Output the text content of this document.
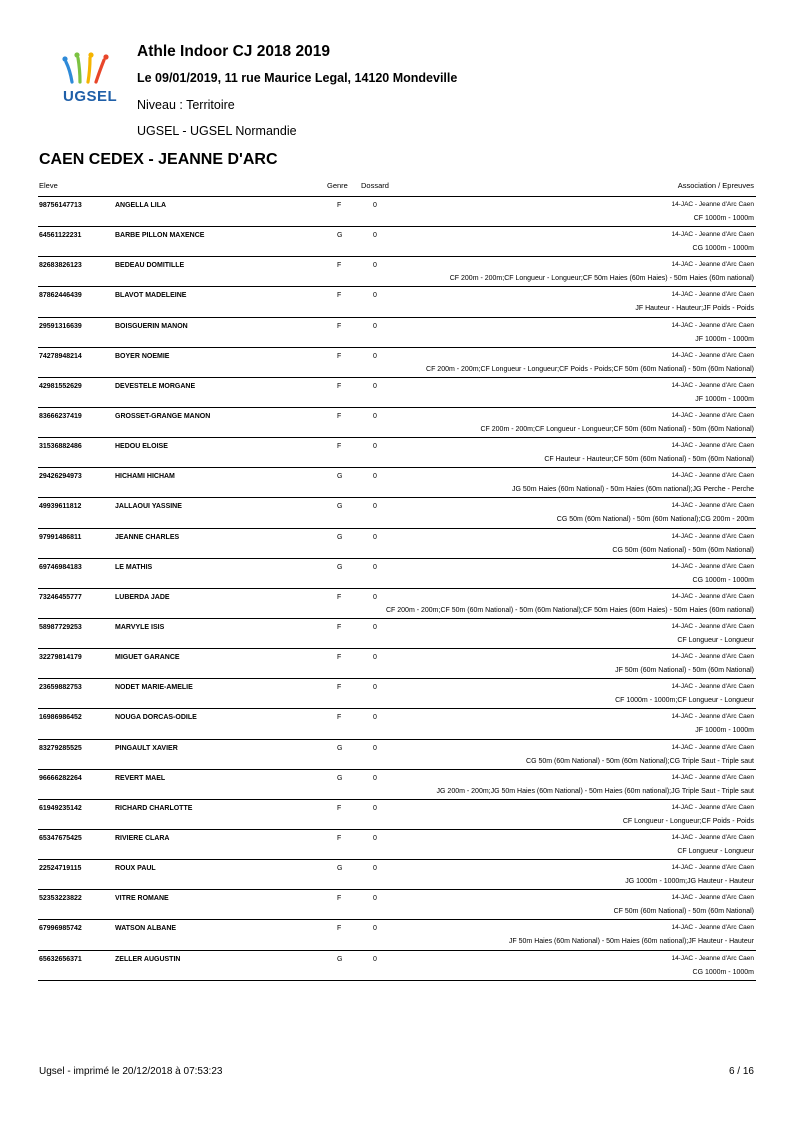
UGSEL
Athle Indoor CJ 2018 2019
Le 09/01/2019, 11 rue Maurice Legal, 14120 Mondeville
Niveau : Territoire
UGSEL - UGSEL Normandie
CAEN CEDEX - JEANNE D'ARC
Eleve	Genre Dossard	Association / Epreuves
98756147713	ANGELLA LILA	F	0	14-JAC - Jeanne d'Arc Caen
CF 1000m - 1000m
64561122231	BARBE PILLON MAXENCE	G	0	14-JAC - Jeanne d'Arc Caen
CG 1000m - 1000m
82683826123	BEDEAU DOMITILLE	F	0	14-JAC - Jeanne d'Arc Caen
CF 200m - 200m;CF Longueur - Longueur;CF 50m Haies (60m Haies) - 50m Haies (60m national)
87862446439	BLAVOT MADELEINE	F	0	14-JAC - Jeanne d'Arc Caen
JF Hauteur - Hauteur;JF Poids - Poids
29591316639	BOISGUERIN MANON	F	0	14-JAC - Jeanne d'Arc Caen
JF 1000m - 1000m
74278948214	BOYER NOEMIE	F	0	14-JAC - Jeanne d'Arc Caen
CF 200m - 200m;CF Longueur - Longueur;CF Poids - Poids;CF 50m (60m National) - 50m (60m National)
42981552629	DEVESTELE MORGANE	F	0	14-JAC - Jeanne d'Arc Caen
JF 1000m - 1000m
83666237419	GROSSET-GRANGE MANON	F	0	14-JAC - Jeanne d'Arc Caen
CF 200m - 200m;CF Longueur - Longueur;CF 50m (60m National) - 50m (60m National)
31536882486	HEDOU ELOISE	F	0	14-JAC - Jeanne d'Arc Caen
CF Hauteur - Hauteur;CF 50m (60m National) - 50m (60m National)
29426294973	HICHAMI HICHAM	G	0	14-JAC - Jeanne d'Arc Caen
JG 50m Haies (60m National) - 50m Haies (60m national);JG Perche - Perche
49939611812	JALLAOUI YASSINE	G	0	14-JAC - Jeanne d'Arc Caen
CG 50m (60m National) - 50m (60m National);CG 200m - 200m
97991486811	JEANNE CHARLES	G	0	14-JAC - Jeanne d'Arc Caen
CG 50m (60m National) - 50m (60m National)
69746984183	LE MATHIS	G	0	14-JAC - Jeanne d'Arc Caen
CG 1000m - 1000m
73246455777	LUBERDA JADE	F	0	14-JAC - Jeanne d'Arc Caen
CF 200m - 200m;CF 50m (60m National) - 50m (60m National);CF 50m Haies (60m Haies) - 50m Haies (60m national)
58987729253	MARVYLE ISIS	F	0	14-JAC - Jeanne d'Arc Caen
CF Longueur - Longueur
32279814179	MIGUET GARANCE	F	0	14-JAC - Jeanne d'Arc Caen
JF 50m (60m National) - 50m (60m National)
23659882753	NODET MARIE-AMELIE	F	0	14-JAC - Jeanne d'Arc Caen
CF 1000m - 1000m;CF Longueur - Longueur
16986986452	NOUGA DORCAS-ODILE	F	0	14-JAC - Jeanne d'Arc Caen
JF 1000m - 1000m
83279285525	PINGAULT XAVIER	G	0	14-JAC - Jeanne d'Arc Caen
CG 50m (60m National) - 50m (60m National);CG Triple Saut - Triple saut
96666282264	REVERT MAEL	G	0	14-JAC - Jeanne d'Arc Caen
JG 200m - 200m;JG 50m Haies (60m National) - 50m Haies (60m national);JG Triple Saut - Triple saut
61949235142	RICHARD CHARLOTTE	F	0	14-JAC - Jeanne d'Arc Caen
CF Longueur - Longueur;CF Poids - Poids
65347675425	RIVIERE CLARA	F	0	14-JAC - Jeanne d'Arc Caen
CF Longueur - Longueur
22524719115	ROUX PAUL	G	0	14-JAC - Jeanne d'Arc Caen
JG 1000m - 1000m;JG Hauteur - Hauteur
52353223822	VITRE ROMANE	F	0	14-JAC - Jeanne d'Arc Caen
CF 50m (60m National) - 50m (60m National)
67996985742	WATSON ALBANE	F	0	14-JAC - Jeanne d'Arc Caen
JF 50m Haies (60m National) - 50m Haies (60m national);JF Hauteur - Hauteur
65632656371	ZELLER AUGUSTIN	G	0	14-JAC - Jeanne d'Arc Caen
CG 1000m - 1000m
Ugsel - imprimé le 20/12/2018 à 07:53:23	6 / 16
